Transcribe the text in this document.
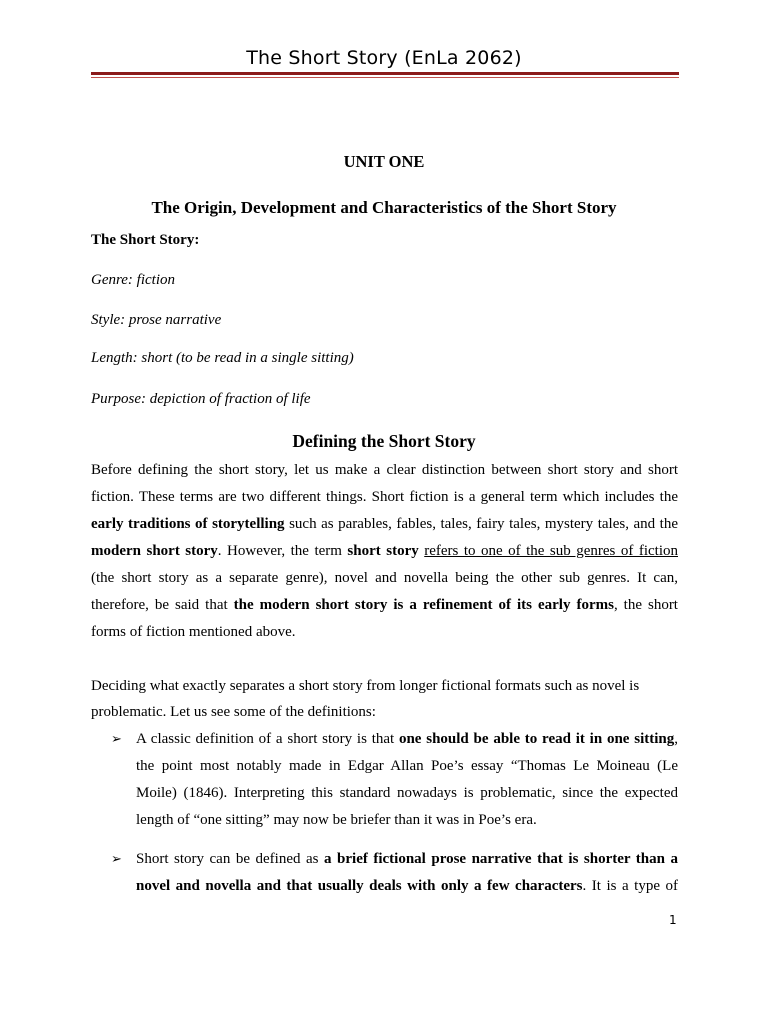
The Short Story (EnLa 2062)
UNIT ONE
The Origin, Development and Characteristics of the Short Story
The Short Story:
Genre: fiction
Style: prose narrative
Length: short (to be read in a single sitting)
Purpose: depiction of fraction of life
Defining the Short Story
Before defining the short story, let us make a clear distinction between short story and short
fiction. These terms are two different things. Short fiction is a general term which includes the
early traditions of storytelling such as parables, fables, tales, fairy tales, mystery tales, and the
modern short story. However, the term short story refers to one of the sub genres of fiction
(the short story as a separate genre), novel and novella being the other sub genres. It can,
therefore, be said that the modern short story is a refinement of its early forms, the short
forms of fiction mentioned above.
Deciding what exactly separates a short story from longer fictional formats such as novel is
problematic. Let us see some of the definitions:
➢ A classic definition of a short story is that one should be able to read it in one sitting,
the point most notably made in Edgar Allan Poe’s essay “Thomas Le Moineau (Le
Moile) (1846). Interpreting this standard nowadays is problematic, since the expected
length of “one sitting” may now be briefer than it was in Poe’s era.
➢ Short story can be defined as a brief fictional prose narrative that is shorter than a
novel and novella and that usually deals with only a few characters. It is a type of
1
